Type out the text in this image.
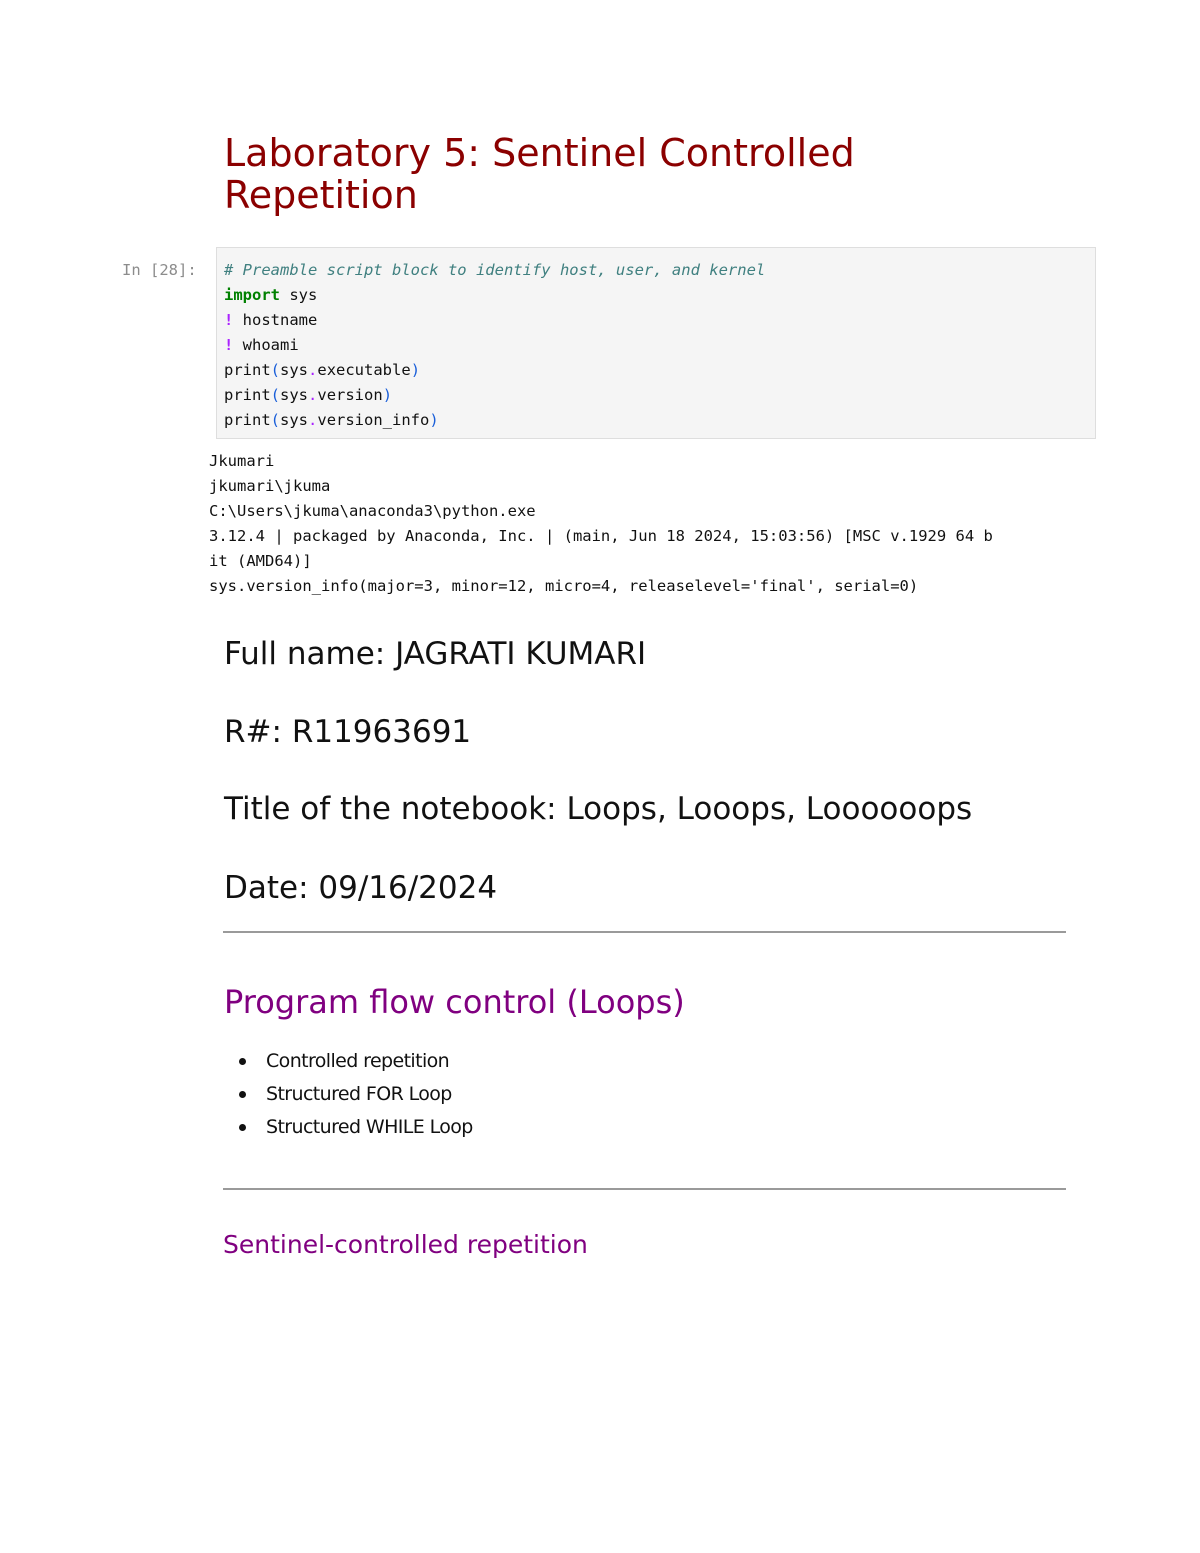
Laboratory 5: Sentinel Controlled Repetition
In [28]: # Preamble script block to identify host, user, and kernel
import sys
! hostname
! whoami
print(sys.executable)
print(sys.version)
print(sys.version_info)
Jkumari
jkumari\jkuma
C:\Users\jkuma\anaconda3\python.exe
3.12.4 | packaged by Anaconda, Inc. | (main, Jun 18 2024, 15:03:56) [MSC v.1929 64 b
it (AMD64)]
sys.version_info(major=3, minor=12, micro=4, releaselevel='final', serial=0)
Full name: JAGRATI KUMARI
R#: R11963691
Title of the notebook: Loops, Looops, Loooooops
Date: 09/16/2024
Program flow control (Loops)
Controlled repetition
Structured FOR Loop
Structured WHILE Loop
Sentinel-controlled repetition
